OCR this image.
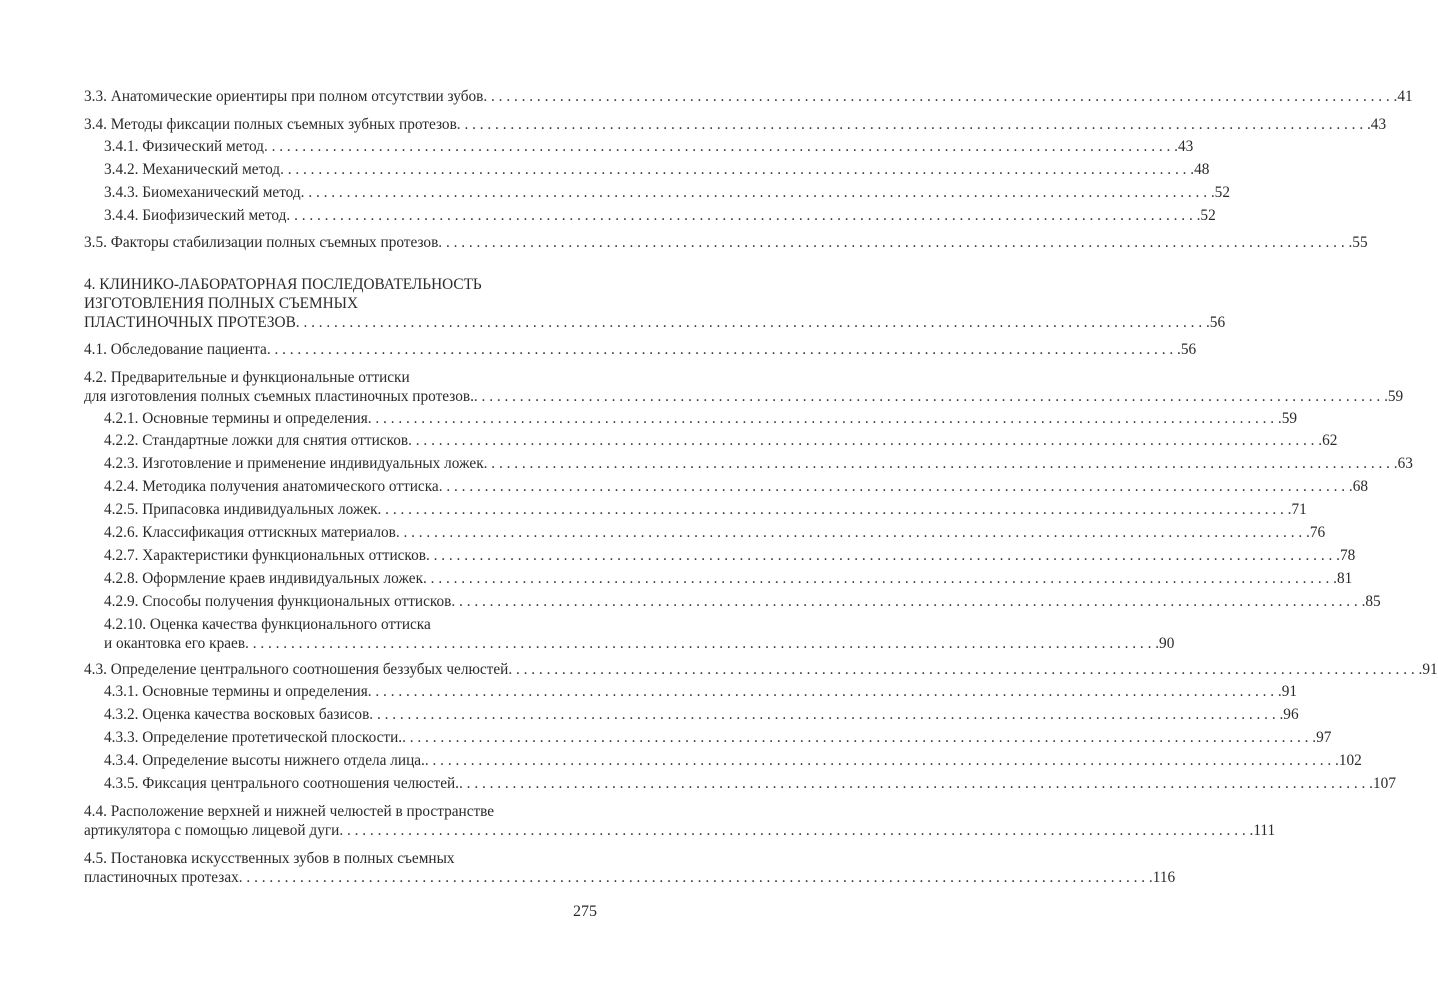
3.3. Анатомические ориентиры при полном отсутствии зубов . . . . . . . . . . . . . . . . . . . . . . . . . . . . . . . . . . . . . . . . . . . . . . . . . . . . . . . . . . . . . . . . . . . . . . . . . . . . . . . . . . . . . . . . . . . . . . . . . . . . . . . . . . . . . . . . . . . . . . . . 41
3.4. Методы фиксации полных съемных зубных протезов . . . . . . . . . . . . . . . . . . . . . . . . . . . . . . . . . . . . . . . . . . . . . . . . . . . . . . . . . . . . . . . . . . . . . . . . . . . . . . . . . . . . . . . . . . . . . . . . . . . . . . . . . . . . . . . . . . . . . . . . 43
3.4.1. Физический метод . . . . . . . . . . . . . . . . . . . . . . . . . . . . . . . . . . . . . . . . . . . . . . . . . . . . . . . . . . . . . . . . . . . . . . . . . . . . . . . . . . . . . . . . . . . . . . . . . . . . . . . . . . . . . . . . . . . . . . . . 43
3.4.2. Механический метод . . . . . . . . . . . . . . . . . . . . . . . . . . . . . . . . . . . . . . . . . . . . . . . . . . . . . . . . . . . . . . . . . . . . . . . . . . . . . . . . . . . . . . . . . . . . . . . . . . . . . . . . . . . . . . . . . . . . . . . . 48
3.4.3. Биомеханический метод . . . . . . . . . . . . . . . . . . . . . . . . . . . . . . . . . . . . . . . . . . . . . . . . . . . . . . . . . . . . . . . . . . . . . . . . . . . . . . . . . . . . . . . . . . . . . . . . . . . . . . . . . . . . . . . . . . . . . . . . 52
3.4.4. Биофизический метод . . . . . . . . . . . . . . . . . . . . . . . . . . . . . . . . . . . . . . . . . . . . . . . . . . . . . . . . . . . . . . . . . . . . . . . . . . . . . . . . . . . . . . . . . . . . . . . . . . . . . . . . . . . . . . . . . . . . . . . . 52
3.5. Факторы стабилизации полных съемных протезов . . . . . . . . . . . . . . . . . . . . . . . . . . . . . . . . . . . . . . . . . . . . . . . . . . . . . . . . . . . . . . . . . . . . . . . . . . . . . . . . . . . . . . . . . . . . . . . . . . . . . . . . . . . . . . . . . . . . . . . . 55
4. КЛИНИКО-ЛАБОРАТОРНАЯ ПОСЛЕДОВАТЕЛЬНОСТЬ
ИЗГОТОВЛЕНИЯ ПОЛНЫХ СЪЕМНЫХ
ПЛАСТИНОЧНЫХ ПРОТЕЗОВ . . . . . . . . . . . . . . . . . . . . . . . . . . . . . . . . . . . . . . . . . . . . . . . . . . . . . . . . . . . . . . . . . . . . . . . . . . . . . . . . . . . . . . . . . . . . . . . . . . . . . . . . . . . . . . . . . . . . . . . . 56
4.1. Обследование пациента . . . . . . . . . . . . . . . . . . . . . . . . . . . . . . . . . . . . . . . . . . . . . . . . . . . . . . . . . . . . . . . . . . . . . . . . . . . . . . . . . . . . . . . . . . . . . . . . . . . . . . . . . . . . . . . . . . . . . . . . 56
4.2. Предварительные и функциональные оттиски
для изготовления полных съемных пластиночных протезов. . . . . . . . . . . . . . . . . . . . . . . . . . . . . . . . . . . . . . . . . . . . . . . . . . . . . . . . . . . . . . . . . . . . . . . . . . . . . . . . . . . . . . . . . . . . . . . . . . . . . . . . . . . . . . . . . . . . . . . . . 59
4.2.1. Основные термины и определения . . . . . . . . . . . . . . . . . . . . . . . . . . . . . . . . . . . . . . . . . . . . . . . . . . . . . . . . . . . . . . . . . . . . . . . . . . . . . . . . . . . . . . . . . . . . . . . . . . . . . . . . . . . . . . . . . . . . . . . . 59
4.2.2. Стандартные ложки для снятия оттисков . . . . . . . . . . . . . . . . . . . . . . . . . . . . . . . . . . . . . . . . . . . . . . . . . . . . . . . . . . . . . . . . . . . . . . . . . . . . . . . . . . . . . . . . . . . . . . . . . . . . . . . . . . . . . . . . . . . . . . . . 62
4.2.3. Изготовление и применение индивидуальных ложек . . . . . . . . . . . . . . . . . . . . . . . . . . . . . . . . . . . . . . . . . . . . . . . . . . . . . . . . . . . . . . . . . . . . . . . . . . . . . . . . . . . . . . . . . . . . . . . . . . . . . . . . . . . . . . . . . . . . . . . . 63
4.2.4. Методика получения анатомического оттиска . . . . . . . . . . . . . . . . . . . . . . . . . . . . . . . . . . . . . . . . . . . . . . . . . . . . . . . . . . . . . . . . . . . . . . . . . . . . . . . . . . . . . . . . . . . . . . . . . . . . . . . . . . . . . . . . . . . . . . . . 68
4.2.5. Припасовка индивидуальных ложек . . . . . . . . . . . . . . . . . . . . . . . . . . . . . . . . . . . . . . . . . . . . . . . . . . . . . . . . . . . . . . . . . . . . . . . . . . . . . . . . . . . . . . . . . . . . . . . . . . . . . . . . . . . . . . . . . . . . . . . . 71
4.2.6. Классификация оттискных материалов . . . . . . . . . . . . . . . . . . . . . . . . . . . . . . . . . . . . . . . . . . . . . . . . . . . . . . . . . . . . . . . . . . . . . . . . . . . . . . . . . . . . . . . . . . . . . . . . . . . . . . . . . . . . . . . . . . . . . . . . 76
4.2.7. Характеристики функциональных оттисков . . . . . . . . . . . . . . . . . . . . . . . . . . . . . . . . . . . . . . . . . . . . . . . . . . . . . . . . . . . . . . . . . . . . . . . . . . . . . . . . . . . . . . . . . . . . . . . . . . . . . . . . . . . . . . . . . . . . . . . . 78
4.2.8. Оформление краев индивидуальных ложек . . . . . . . . . . . . . . . . . . . . . . . . . . . . . . . . . . . . . . . . . . . . . . . . . . . . . . . . . . . . . . . . . . . . . . . . . . . . . . . . . . . . . . . . . . . . . . . . . . . . . . . . . . . . . . . . . . . . . . . . 81
4.2.9. Способы получения функциональных оттисков . . . . . . . . . . . . . . . . . . . . . . . . . . . . . . . . . . . . . . . . . . . . . . . . . . . . . . . . . . . . . . . . . . . . . . . . . . . . . . . . . . . . . . . . . . . . . . . . . . . . . . . . . . . . . . . . . . . . . . . . 85
4.2.10. Оценка качества функционального оттиска
и окантовка его краев . . . . . . . . . . . . . . . . . . . . . . . . . . . . . . . . . . . . . . . . . . . . . . . . . . . . . . . . . . . . . . . . . . . . . . . . . . . . . . . . . . . . . . . . . . . . . . . . . . . . . . . . . . . . . . . . . . . . . . . . 90
4.3. Определение центрального соотношения беззубых челюстей . . . . . . . . . . . . . . . . . . . . . . . . . . . . . . . . . . . . . . . . . . . . . . . . . . . . . . . . . . . . . . . . . . . . . . . . . . . . . . . . . . . . . . . . . . . . . . . . . . . . . . . . . . . . . . . . . . . . . . . . 91
4.3.1. Основные термины и определения . . . . . . . . . . . . . . . . . . . . . . . . . . . . . . . . . . . . . . . . . . . . . . . . . . . . . . . . . . . . . . . . . . . . . . . . . . . . . . . . . . . . . . . . . . . . . . . . . . . . . . . . . . . . . . . . . . . . . . . . 91
4.3.2. Оценка качества восковых базисов . . . . . . . . . . . . . . . . . . . . . . . . . . . . . . . . . . . . . . . . . . . . . . . . . . . . . . . . . . . . . . . . . . . . . . . . . . . . . . . . . . . . . . . . . . . . . . . . . . . . . . . . . . . . . . . . . . . . . . . . 96
4.3.3. Определение протетической плоскости. . . . . . . . . . . . . . . . . . . . . . . . . . . . . . . . . . . . . . . . . . . . . . . . . . . . . . . . . . . . . . . . . . . . . . . . . . . . . . . . . . . . . . . . . . . . . . . . . . . . . . . . . . . . . . . . . . . . . . . . . 97
4.3.4. Определение высоты нижнего отдела лица. . . . . . . . . . . . . . . . . . . . . . . . . . . . . . . . . . . . . . . . . . . . . . . . . . . . . . . . . . . . . . . . . . . . . . . . . . . . . . . . . . . . . . . . . . . . . . . . . . . . . . . . . . . . . . . . . . . . . . . . . 102
4.3.5. Фиксация центрального соотношения челюстей. . . . . . . . . . . . . . . . . . . . . . . . . . . . . . . . . . . . . . . . . . . . . . . . . . . . . . . . . . . . . . . . . . . . . . . . . . . . . . . . . . . . . . . . . . . . . . . . . . . . . . . . . . . . . . . . . . . . . . . . . 107
4.4. Расположение верхней и нижней челюстей в пространстве
артикулятора с помощью лицевой дуги . . . . . . . . . . . . . . . . . . . . . . . . . . . . . . . . . . . . . . . . . . . . . . . . . . . . . . . . . . . . . . . . . . . . . . . . . . . . . . . . . . . . . . . . . . . . . . . . . . . . . . . . . . . . . . . . . . . . . . . . 111
4.5. Постановка искусственных зубов в полных съемных
пластиночных протезах . . . . . . . . . . . . . . . . . . . . . . . . . . . . . . . . . . . . . . . . . . . . . . . . . . . . . . . . . . . . . . . . . . . . . . . . . . . . . . . . . . . . . . . . . . . . . . . . . . . . . . . . . . . . . . . . . . . . . . . . 116
275
